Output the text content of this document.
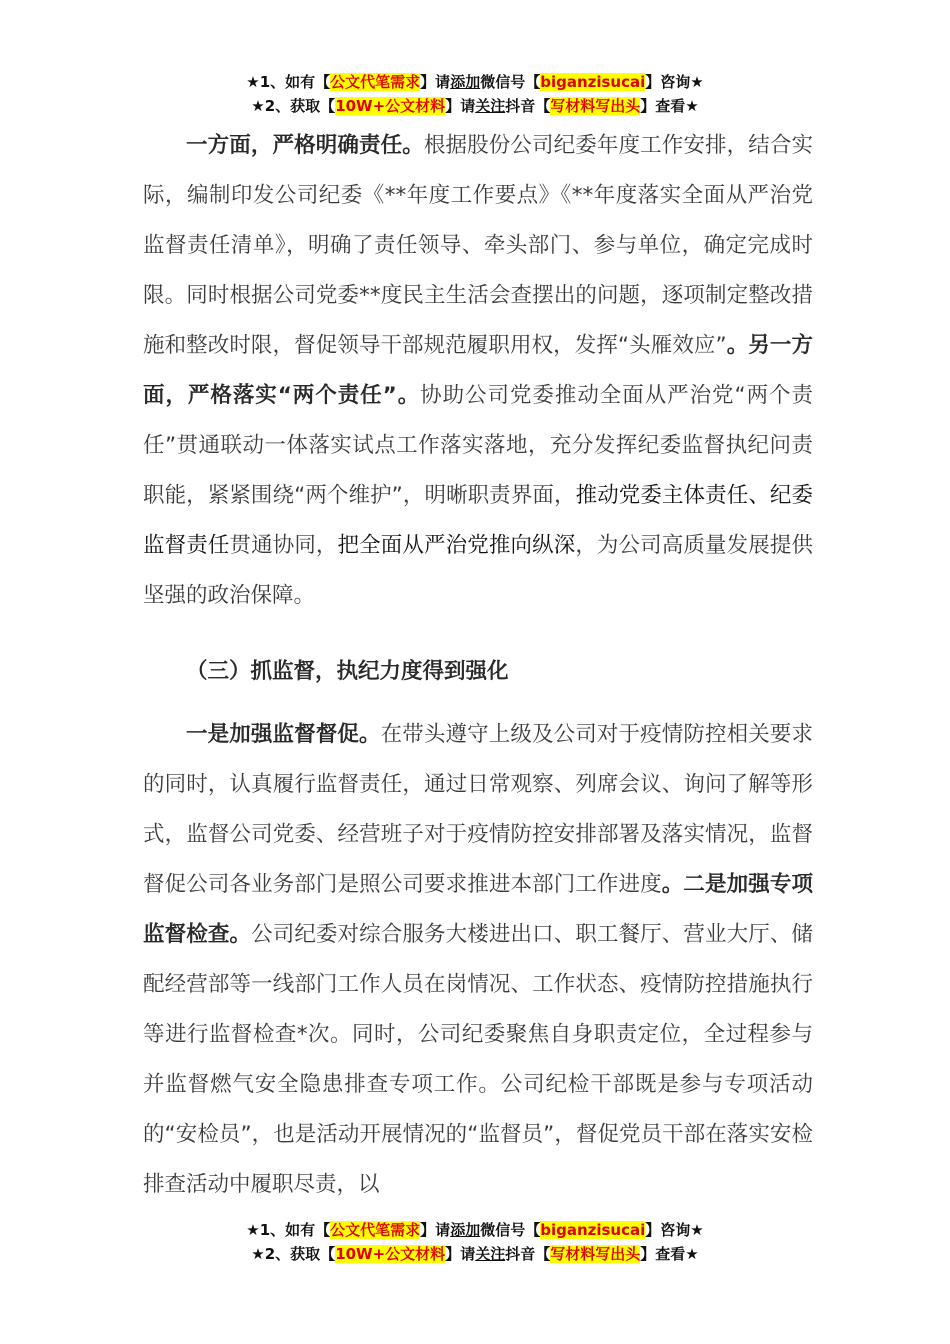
★1、如有【公文代笔需求】请添加微信号【biganzisucai】咨询★
★2、获取【10W+公文材料】请关注抖音【写材料写出头】查看★

一方面，严格明确责任。根据股份公司纪委年度工作安排，结合实际，编制印发公司纪委《**年度工作要点》《**年度落实全面从严治党监督责任清单》，明确了责任领导、牵头部门、参与单位，确定完成时限。同时根据公司党委**度民主生活会查摆出的问题，逐项制定整改措施和整改时限，督促领导干部规范履职用权，发挥“头雁效应”。另一方面，严格落实“两个责任”。协助公司党委推动全面从严治党“两个责任”贯通联动一体落实试点工作落实落地，充分发挥纪委监督执纪问责职能，紧紧围绕“两个维护”，明晰职责界面，推动党委主体责任、纪委监督责任贯通协同，把全面从严治党推向纵深，为公司高质量发展提供坚强的政治保障。

（三）抓监督，执纪力度得到强化

一是加强监督督促。在带头遵守上级及公司对于疫情防控相关要求的同时，认真履行监督责任，通过日常观察、列席会议、询问了解等形式，监督公司党委、经营班子对于疫情防控安排部署及落实情况，监督督促公司各业务部门是照公司要求推进本部门工作进度。二是加强专项监督检查。公司纪委对综合服务大楼进出口、职工餐厅、营业大厅、储配经营部等一线部门工作人员在岗情况、工作状态、疫情防控措施执行等进行监督检查*次。同时，公司纪委聚焦自身职责定位，全过程参与并监督燃气安全隐患排查专项工作。公司纪检干部既是参与专项活动的“安检员”，也是活动开展情况的“监督员”，督促党员干部在落实安检排查活动中履职尽责，以

★1、如有【公文代笔需求】请添加微信号【biganzisucai】咨询★
★2、获取【10W+公文材料】请关注抖音【写材料写出头】查看★
